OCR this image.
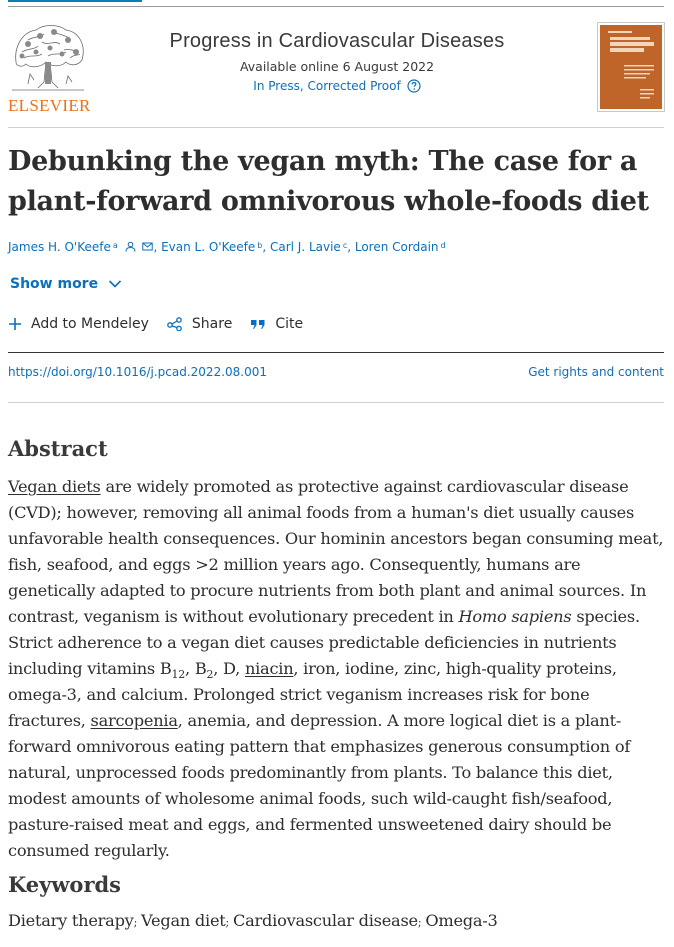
ELSEVIER
Progress in Cardiovascular Diseases
Available online 6 August 2022
In Press, Corrected Proof
Debunking the vegan myth: The case for a plant-forward omnivorous whole-foods diet
James H. O'Keefe $^a$	, Evan L. O'Keefe $^b$, Carl J. Lavie $^c$, Loren Cordain $^d$
Show more
Add to Mendeley	Share	Cite
https://doi.org/10.1016/j.pcad.2022.08.001	Get rights and content
Abstract

Vegan diets are widely promoted as protective against cardiovascular disease (CVD); however, removing all animal foods from a human's diet usually causes unfavorable health consequences. Our hominin ancestors began consuming meat, fish, seafood, and eggs >2 million years ago. Consequently, humans are genetically adapted to procure nutrients from both plant and animal sources. In contrast, veganism is without evolutionary precedent in Homo sapiens species. Strict adherence to a vegan diet causes predictable deficiencies in nutrients including vitamins $B_{12}$, $B_2$, D, niacin, iron, iodine, zinc, high-quality proteins, omega-3, and calcium. Prolonged strict veganism increases risk for bone fractures, sarcopenia, anemia, and depression. A more logical diet is a plant-forward omnivorous eating pattern that emphasizes generous consumption of natural, unprocessed foods predominantly from plants. To balance this diet, modest amounts of wholesome animal foods, such wild-caught fish/seafood, pasture-raised meat and eggs, and fermented unsweetened dairy should be consumed regularly.

Keywords
Dietary therapy; Vegan diet; Cardiovascular disease; Omega-3
